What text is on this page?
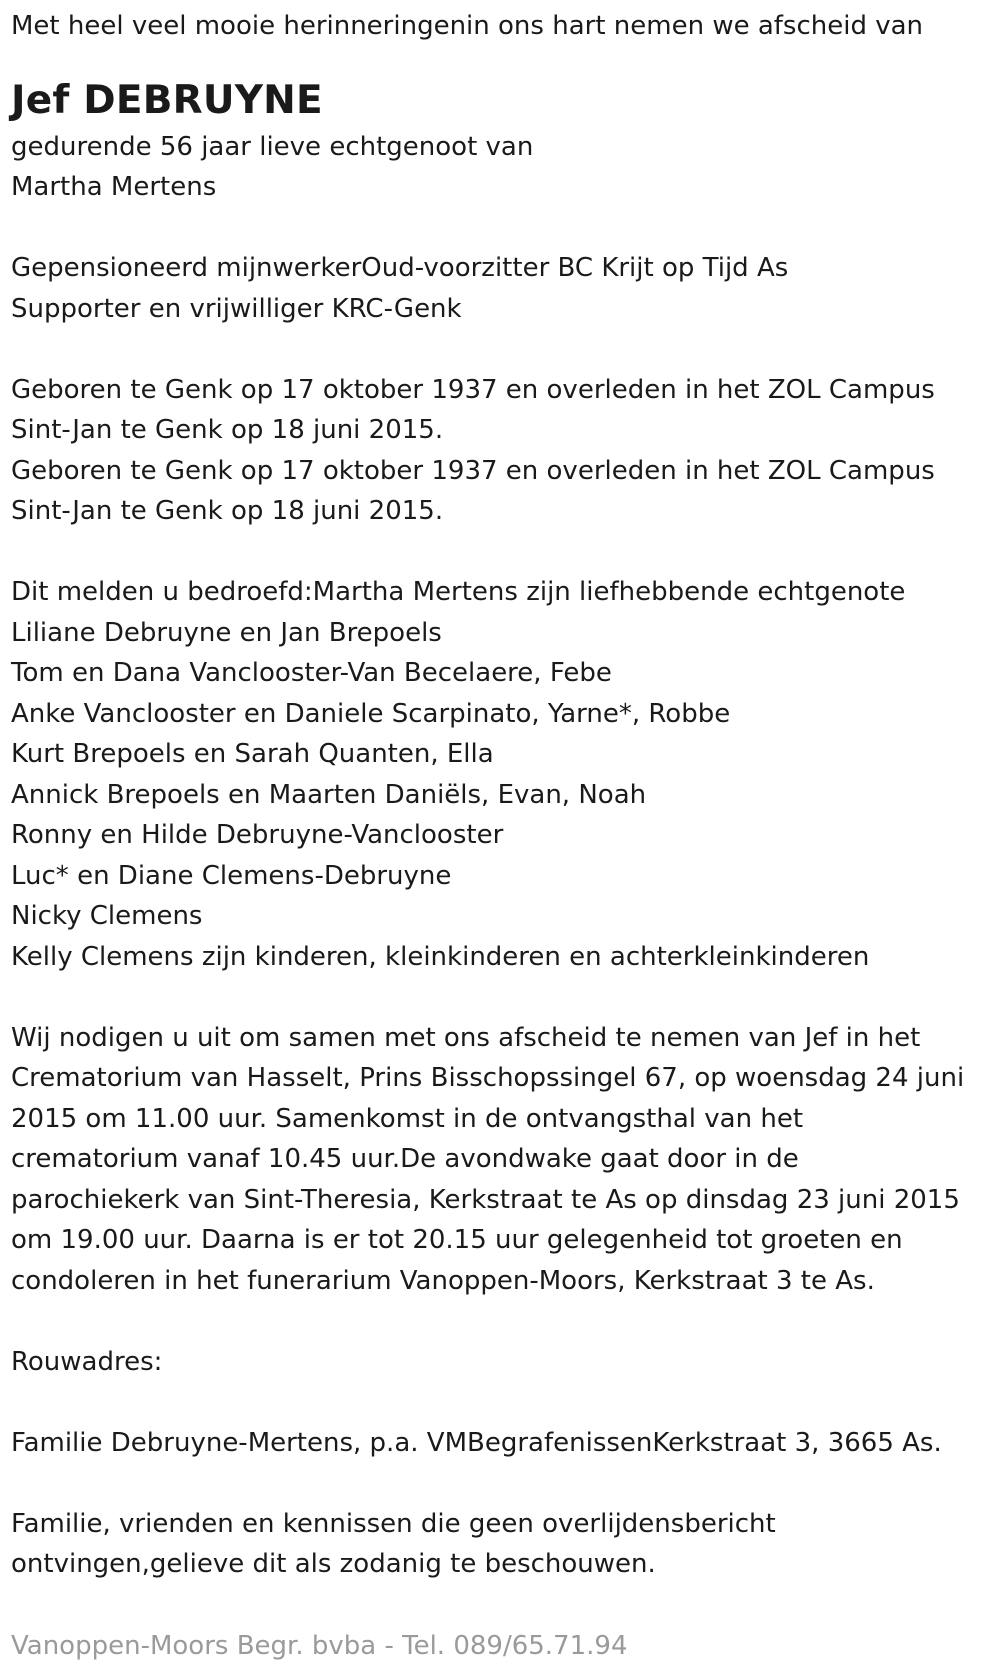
Met heel veel mooie herinneringenin ons hart nemen we afscheid van

Jef DEBRUYNE

gedurende 56 jaar lieve echtgenoot van

Martha Mertens

Gepensioneerd mijnwerkerOud-voorzitter BC Krijt op Tijd As

Supporter en vrijwilliger KRC-Genk

Geboren te Genk op 17 oktober 1937 en overleden in het ZOL Campus

Sint-Jan te Genk op 18 juni 2015.

Geboren te Genk op 17 oktober 1937 en overleden in het ZOL Campus

Sint-Jan te Genk op 18 juni 2015.

Dit melden u bedroefd:Martha Mertens zijn liefhebbende echtgenote

Liliane Debruyne en Jan Brepoels

Tom en Dana Vanclooster-Van Becelaere, Febe

Anke Vanclooster en Daniele Scarpinato, Yarne*, Robbe

Kurt Brepoels en Sarah Quanten, Ella

Annick Brepoels en Maarten Daniëls, Evan, Noah

Ronny en Hilde Debruyne-Vanclooster

Luc* en Diane Clemens-Debruyne

Nicky Clemens

Kelly Clemens zijn kinderen, kleinkinderen en achterkleinkinderen

Wij nodigen u uit om samen met ons afscheid te nemen van Jef in het

Crematorium van Hasselt, Prins Bisschopssingel 67, op woensdag 24 juni

2015 om 11.00 uur. Samenkomst in de ontvangsthal van het

crematorium vanaf 10.45 uur.De avondwake gaat door in de

parochiekerk van Sint-Theresia, Kerkstraat te As op dinsdag 23 juni 2015

om 19.00 uur. Daarna is er tot 20.15 uur gelegenheid tot groeten en

condoleren in het funerarium Vanoppen-Moors, Kerkstraat 3 te As.

Rouwadres:

Familie Debruyne-Mertens, p.a. VMBegrafenissenKerkstraat 3, 3665 As.

Familie, vrienden en kennissen die geen overlijdensbericht

ontvingen,gelieve dit als zodanig te beschouwen.

Vanoppen-Moors Begr. bvba - Tel. 089/65.71.94
